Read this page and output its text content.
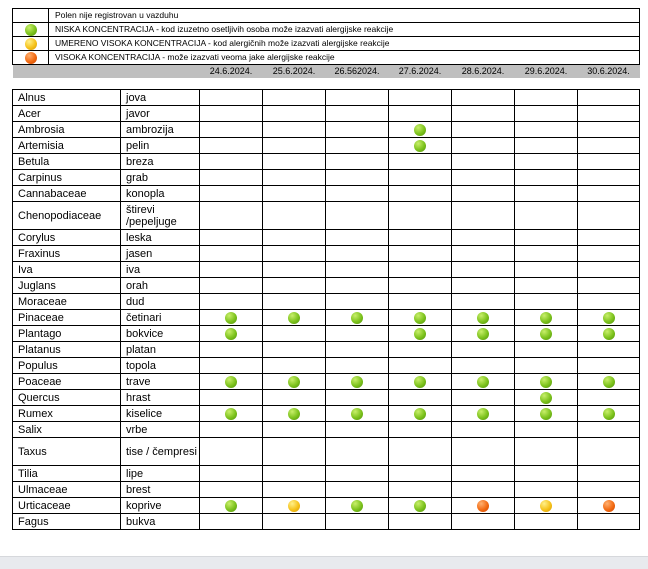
	Polen nije registrovan u vazduhu							
	NISKA KONCENTRACIJA - kod izuzetno osetljivih osoba može izazvati alergijske reakcije							
	UMERENO VISOKA KONCENTRACIJA - kod alergičnih može izazvati alergijske reakcije							
	VISOKA KONCENTRACIJA - može izazvati veoma jake alergijske reakcije							
		24.6.2024.	25.6.2024.	26.562024.	27.6.2024.	28.6.2024.	29.6.2024.	30.6.2024.
Alnus	jova							
Acer	javor							
Ambrosia	ambrozija							
Artemisia	pelin							
Betula	breza							
Carpinus	grab							
Cannabaceae	konopla							
Chenopodiaceae	štirevi /pepeljuge							
Corylus	leska							
Fraxinus	jasen							
Iva	iva							
Juglans	orah							
Moraceae	dud							
Pinaceae	četinari							
Plantago	bokvice							
Platanus	platan							
Populus	topola							
Poaceae	trave							
Quercus	hrast							
Rumex	kiselice							
Salix	vrbe							
Taxus	tise / čempresi							
Tilia	lipe							
Ulmaceae	brest							
Urticaceae	koprive							
Fagus	bukva							
